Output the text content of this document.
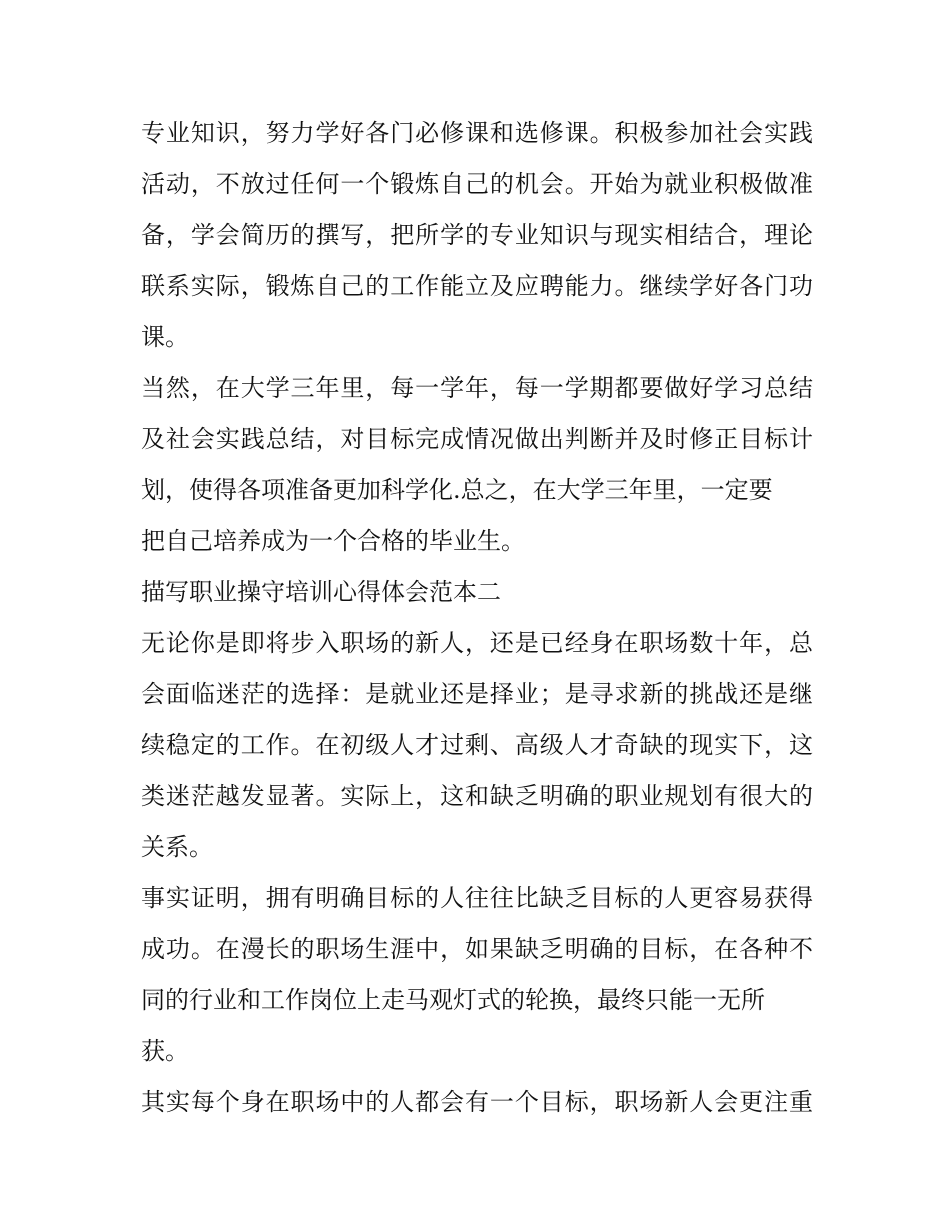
专业知识，努力学好各门必修课和选修课。积极参加社会实践
活动，不放过任何一个锻炼自己的机会。开始为就业积极做准
备，学会简历的撰写，把所学的专业知识与现实相结合，理论
联系实际，锻炼自己的工作能立及应聘能力。继续学好各门功
课。
当然，在大学三年里，每一学年，每一学期都要做好学习总结
及社会实践总结，对目标完成情况做出判断并及时修正目标计
划，使得各项准备更加科学化.总之，在大学三年里，一定要
把自己培养成为一个合格的毕业生。
描写职业操守培训心得体会范本二
无论你是即将步入职场的新人，还是已经身在职场数十年，总
会面临迷茫的选择：是就业还是择业；是寻求新的挑战还是继
续稳定的工作。在初级人才过剩、高级人才奇缺的现实下，这
类迷茫越发显著。实际上，这和缺乏明确的职业规划有很大的
关系。
事实证明，拥有明确目标的人往往比缺乏目标的人更容易获得
成功。在漫长的职场生涯中，如果缺乏明确的目标，在各种不
同的行业和工作岗位上走马观灯式的轮换，最终只能一无所
获。
其实每个身在职场中的人都会有一个目标，职场新人会更注重
